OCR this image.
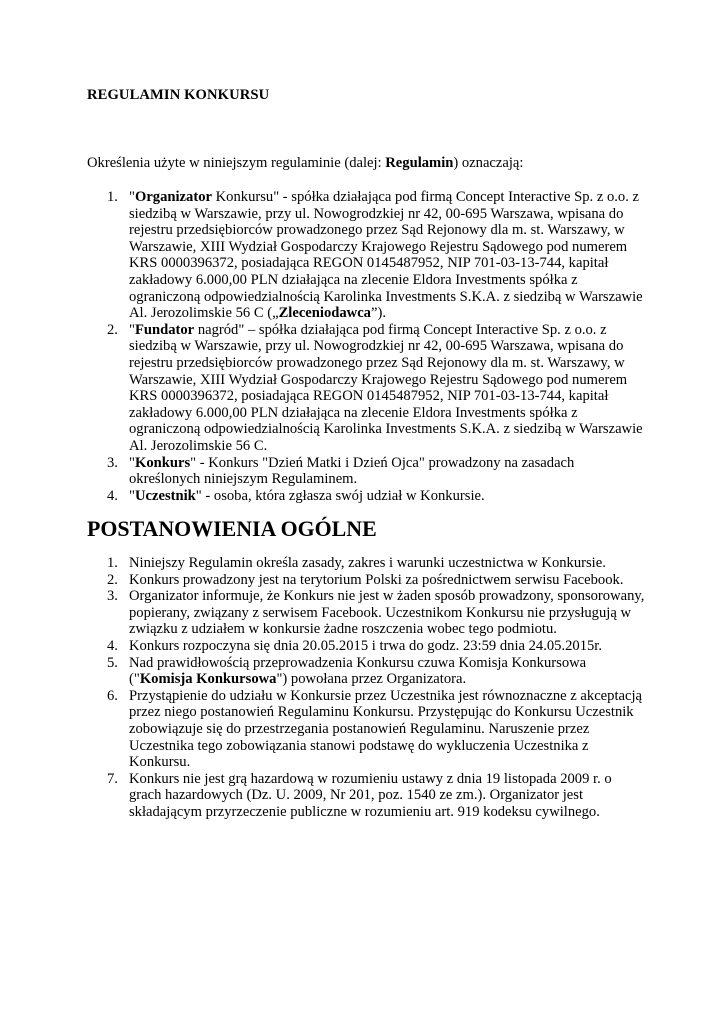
REGULAMIN KONKURSU

Określenia użyte w niniejszym regulaminie (dalej: Regulamin) oznaczają:

1. "Organizator Konkursu" - spółka działająca pod firmą Concept Interactive Sp. z o.o. z siedzibą w Warszawie, przy ul. Nowogrodzkiej nr 42, 00-695 Warszawa, wpisana do rejestru przedsiębiorców prowadzonego przez Sąd Rejonowy dla m. st. Warszawy, w Warszawie, XIII Wydział Gospodarczy Krajowego Rejestru Sądowego pod numerem KRS 0000396372, posiadająca REGON 0145487952, NIP 701-03-13-744, kapitał zakładowy 6.000,00 PLN działająca na zlecenie Eldora Investments spółka z ograniczoną odpowiedzialnością Karolinka Investments S.K.A. z siedzibą w Warszawie Al. Jerozolimskie 56 C („Zleceniodawca”).
2. "Fundator nagród" – spółka działająca pod firmą Concept Interactive Sp. z o.o. z siedzibą w Warszawie, przy ul. Nowogrodzkiej nr 42, 00-695 Warszawa, wpisana do rejestru przedsiębiorców prowadzonego przez Sąd Rejonowy dla m. st. Warszawy, w Warszawie, XIII Wydział Gospodarczy Krajowego Rejestru Sądowego pod numerem KRS 0000396372, posiadająca REGON 0145487952, NIP 701-03-13-744, kapitał zakładowy 6.000,00 PLN działająca na zlecenie Eldora Investments spółka z ograniczoną odpowiedzialnością Karolinka Investments S.K.A. z siedzibą w Warszawie Al. Jerozolimskie 56 C.
3. "Konkurs" - Konkurs "Dzień Matki i Dzień Ojca" prowadzony na zasadach określonych niniejszym Regulaminem.
4. "Uczestnik" - osoba, która zgłasza swój udział w Konkursie.
POSTANOWIENIA OGÓLNE
1. Niniejszy Regulamin określa zasady, zakres i warunki uczestnictwa w Konkursie.
2. Konkurs prowadzony jest na terytorium Polski za pośrednictwem serwisu Facebook.
3. Organizator informuje, że Konkurs nie jest w żaden sposób prowadzony, sponsorowany, popierany, związany z serwisem Facebook. Uczestnikom Konkursu nie przysługują w związku z udziałem w konkursie żadne roszczenia wobec tego podmiotu.
4. Konkurs rozpoczyna się dnia 20.05.2015 i trwa do godz. 23:59 dnia 24.05.2015r.
5. Nad prawidłowością przeprowadzenia Konkursu czuwa Komisja Konkursowa ("Komisja Konkursowa") powołana przez Organizatora.
6. Przystąpienie do udziału w Konkursie przez Uczestnika jest równoznaczne z akceptacją przez niego postanowień Regulaminu Konkursu. Przystępując do Konkursu Uczestnik zobowiązuje się do przestrzegania postanowień Regulaminu. Naruszenie przez Uczestnika tego zobowiązania stanowi podstawę do wykluczenia Uczestnika z Konkursu.
7. Konkurs nie jest grą hazardową w rozumieniu ustawy z dnia 19 listopada 2009 r. o grach hazardowych (Dz. U. 2009, Nr 201, poz. 1540 ze zm.). Organizator jest składającym przyrzeczenie publiczne w rozumieniu art. 919 kodeksu cywilnego.
